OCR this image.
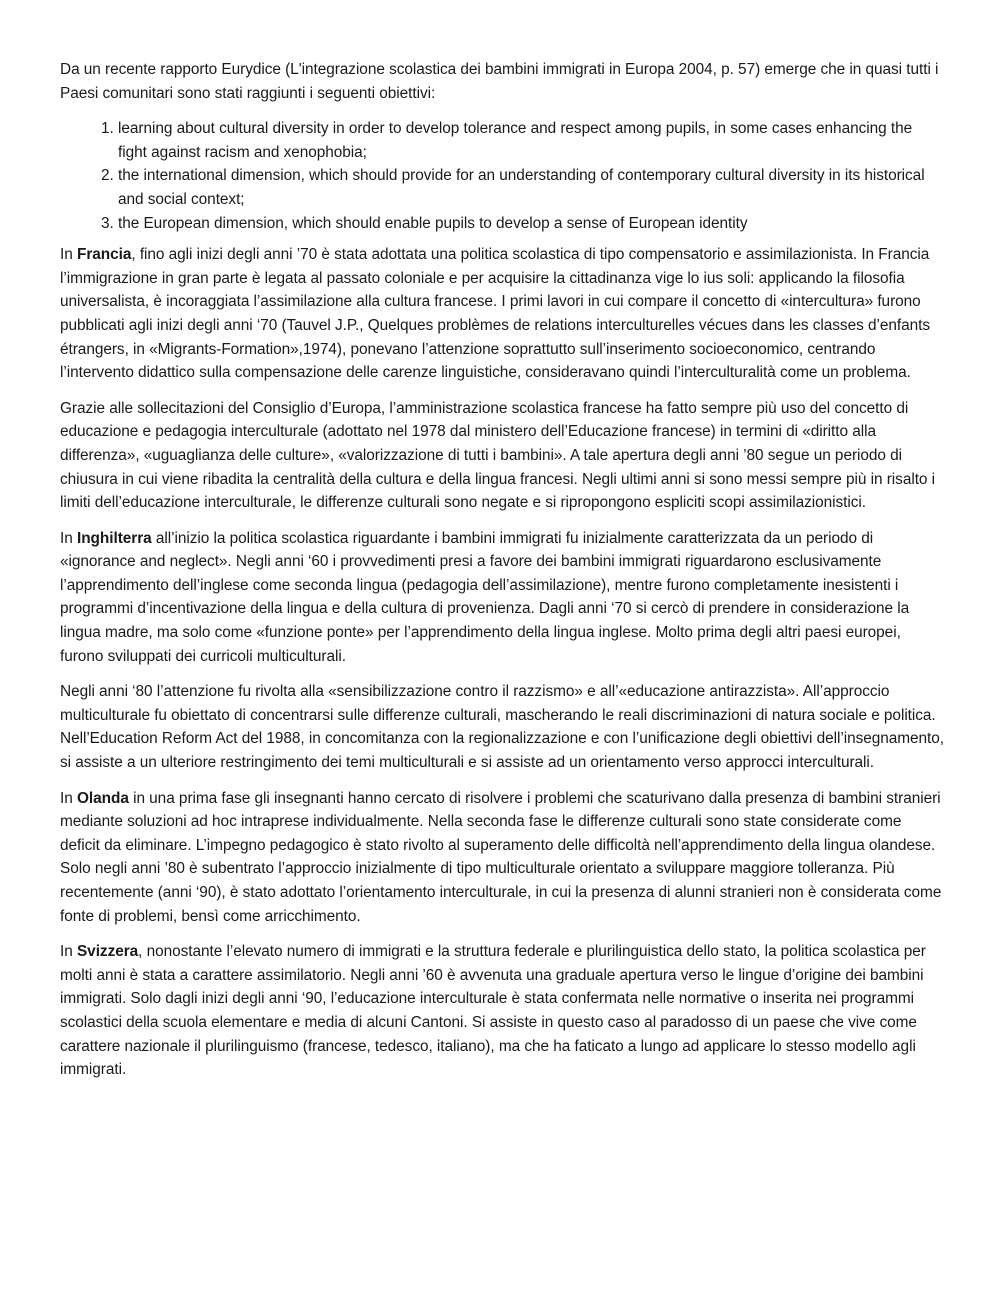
Da un recente rapporto Eurydice (L'integrazione scolastica dei bambini immigrati in Europa 2004, p. 57) emerge che in quasi tutti i Paesi comunitari sono stati raggiunti i seguenti obiettivi:

1. learning about cultural diversity in order to develop tolerance and respect among pupils, in some cases enhancing the fight against racism and xenophobia;
2. the international dimension, which should provide for an understanding of contemporary cultural diversity in its historical and social context;
3. the European dimension, which should enable pupils to develop a sense of European identity

In Francia, fino agli inizi degli anni ’70 è stata adottata una politica scolastica di tipo compensatorio e assimilazionista. In Francia l’immigrazione in gran parte è legata al passato coloniale e per acquisire la cittadinanza vige lo ius soli: applicando la filosofia universalista, è incoraggiata l’assimilazione alla cultura francese. I primi lavori in cui compare il concetto di «intercultura» furono pubblicati agli inizi degli anni ‘70 (Tauvel J.P., Quelques problèmes de relations interculturelles vécues dans les classes d’enfants étrangers, in «Migrants-Formation»,1974), ponevano l’attenzione soprattutto sull’inserimento socioeconomico, centrando l’intervento didattico sulla compensazione delle carenze linguistiche, consideravano quindi l’interculturalità come un problema.

Grazie alle sollecitazioni del Consiglio d’Europa, l’amministrazione scolastica francese ha fatto sempre più uso del concetto di educazione e pedagogia interculturale (adottato nel 1978 dal ministero dell’Educazione francese) in termini di «diritto alla differenza», «uguaglianza delle culture», «valorizzazione di tutti i bambini». A tale apertura degli anni ’80 segue un periodo di chiusura in cui viene ribadita la centralità della cultura e della lingua francesi. Negli ultimi anni si sono messi sempre più in risalto i limiti dell’educazione interculturale, le differenze culturali sono negate e si ripropongono espliciti scopi assimilazionistici.

In Inghilterra all’inizio la politica scolastica riguardante i bambini immigrati fu inizialmente caratterizzata da un periodo di «ignorance and neglect». Negli anni ‘60 i provvedimenti presi a favore dei bambini immigrati riguardarono esclusivamente l’apprendimento dell’inglese come seconda lingua (pedagogia dell’assimilazione), mentre furono completamente inesistenti i programmi d’incentivazione della lingua e della cultura di provenienza. Dagli anni ‘70 si cercò di prendere in considerazione la lingua madre, ma solo come «funzione ponte» per l’apprendimento della lingua inglese. Molto prima degli altri paesi europei, furono sviluppati dei curricoli multiculturali.

Negli anni ‘80 l’attenzione fu rivolta alla «sensibilizzazione contro il razzismo» e all’«educazione antirazzista». All’approccio multiculturale fu obiettato di concentrarsi sulle differenze culturali, mascherando le reali discriminazioni di natura sociale e politica. Nell’Education Reform Act del 1988, in concomitanza con la regionalizzazione e con l’unificazione degli obiettivi dell’insegnamento, si assiste a un ulteriore restringimento dei temi multiculturali e si assiste ad un orientamento verso approcci interculturali.

In Olanda in una prima fase gli insegnanti hanno cercato di risolvere i problemi che scaturivano dalla presenza di bambini stranieri mediante soluzioni ad hoc intraprese individualmente. Nella seconda fase le differenze culturali sono state considerate come deficit da eliminare. L’impegno pedagogico è stato rivolto al superamento delle difficoltà nell’apprendimento della lingua olandese. Solo negli anni ’80 è subentrato l’approccio inizialmente di tipo multiculturale orientato a sviluppare maggiore tolleranza. Più recentemente (anni ‘90), è stato adottato l’orientamento interculturale, in cui la presenza di alunni stranieri non è considerata come fonte di problemi, bensì come arricchimento.

In Svizzera, nonostante l’elevato numero di immigrati e la struttura federale e plurilinguistica dello stato, la politica scolastica per molti anni è stata a carattere assimilatorio. Negli anni ’60 è avvenuta una graduale apertura verso le lingue d’origine dei bambini immigrati. Solo dagli inizi degli anni ‘90, l’educazione interculturale è stata confermata nelle normative o inserita nei programmi scolastici della scuola elementare e media di alcuni Cantoni. Si assiste in questo caso al paradosso di un paese che vive come carattere nazionale il plurilinguismo (francese, tedesco, italiano), ma che ha faticato a lungo ad applicare lo stesso modello agli immigrati.
